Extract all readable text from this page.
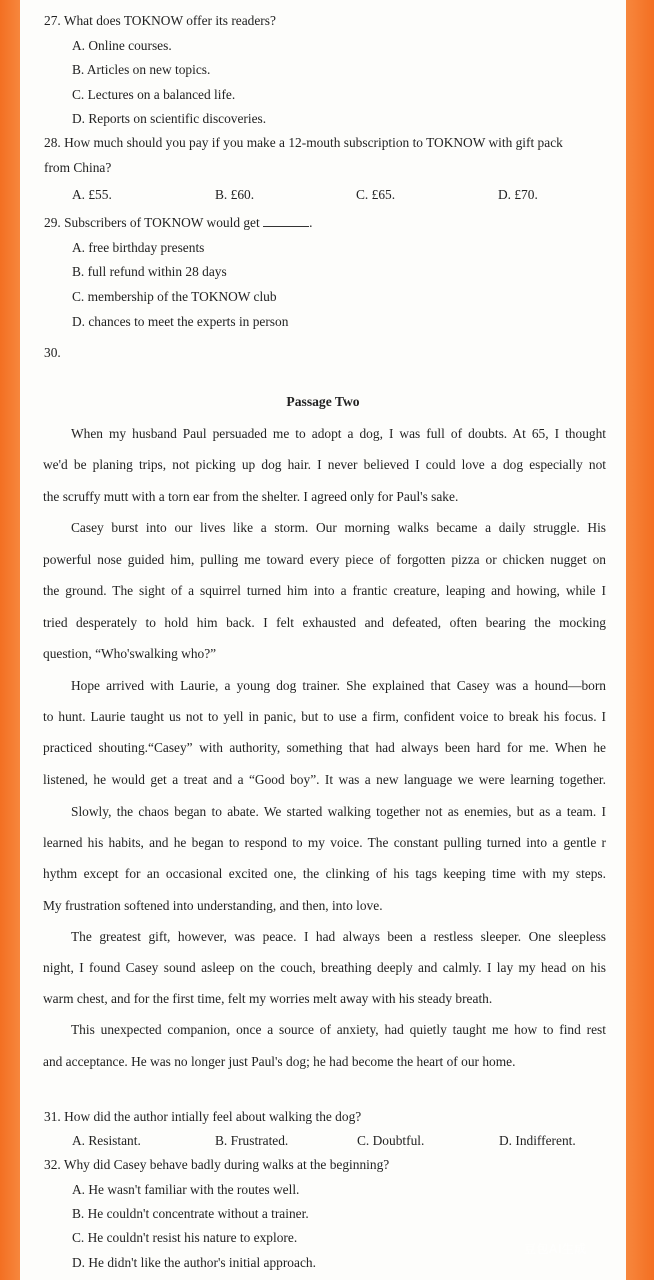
27. What does TOKNOW offer its readers?
A. Online courses.
B. Articles on new topics.
C. Lectures on a balanced life.
D. Reports on scientific discoveries.
28. How much should you pay if you make a 12-mouth subscription to TOKNOW with gift pack
from China?
A. £55.	B. £60.	C. £65.	D. £70.
29. Subscribers of TOKNOW would get	.
A. free birthday presents
B. full refund within 28 days
C. membership of the TOKNOW club
D. chances to meet the experts in person
30.
Passage Two
When my husband Paul persuaded me to adopt a dog, I was full of doubts. At 65, I thought
we'd be planing trips, not picking up dog hair. I never believed I could love a dog especially not
the scruffy mutt with a torn ear from the shelter. I agreed only for Paul's sake.
Casey burst into our lives like a storm. Our morning walks became a daily struggle. His
powerful nose guided him, pulling me toward every piece of forgotten pizza or chicken nugget on
the ground. The sight of a squirrel turned him into a frantic creature, leaping and howing, while I
tried desperately to hold him back. I felt exhausted and defeated, often bearing the mocking
question, “Who'swalking who?”
Hope arrived with Laurie, a young dog trainer. She explained that Casey was a hound—born
to hunt. Laurie taught us not to yell in panic, but to use a firm, confident voice to break his focus. I
practiced shouting.“Casey” with authority, something that had always been hard for me. When he
listened, he would get a treat and a “Good boy”. It was a new language we were learning together.
Slowly, the chaos began to abate. We started walking together not as enemies, but as a team. I
learned his habits, and he began to respond to my voice. The constant pulling turned into a gentle r
hythm except for an occasional excited one, the clinking of his tags keeping time with my steps.
My frustration softened into understanding, and then, into love.
The greatest gift, however, was peace. I had always been a restless sleeper. One sleepless
night, I found Casey sound asleep on the couch, breathing deeply and calmly. I lay my head on his
warm chest, and for the first time, felt my worries melt away with his steady breath.
This unexpected companion, once a source of anxiety, had quietly taught me how to find rest
and acceptance. He was no longer just Paul's dog; he had become the heart of our home.
31. How did the author intially feel about walking the dog?
A. Resistant.	B. Frustrated.	C. Doubtful.	D. Indifferent.
32. Why did Casey behave badly during walks at the beginning?
A. He wasn't familiar with the routes well.
B. He couldn't concentrate without a trainer.
C. He couldn't resist his nature to explore.
D. He didn't like the author's initial approach.
豆包AI生成
